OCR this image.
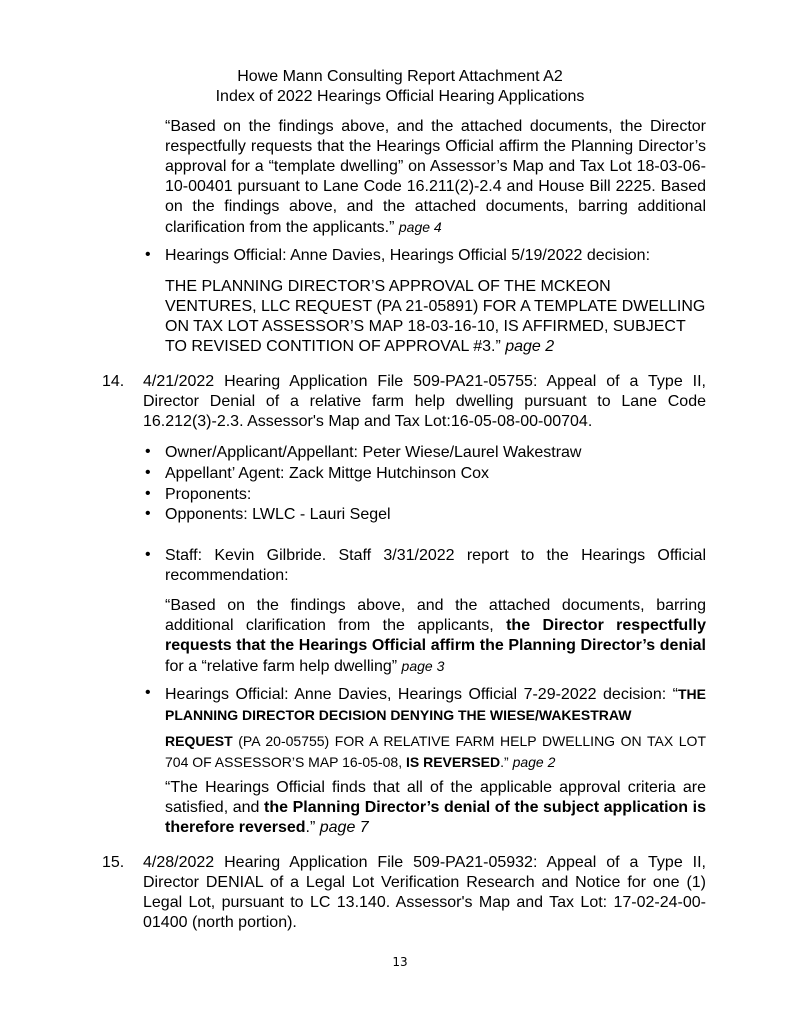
Howe Mann Consulting Report Attachment A2
Index of 2022 Hearings Official Hearing Applications
“Based on the findings above, and the attached documents, the Director respectfully requests that the Hearings Official affirm the Planning Director’s approval for a “template dwelling” on Assessor’s Map and Tax Lot 18-03-06-10-00401 pursuant to Lane Code 16.211(2)-2.4 and House Bill 2225. Based on the findings above, and the attached documents, barring additional clarification from the applicants.” page 4
• Hearings Official: Anne Davies, Hearings Official 5/19/2022 decision:
THE PLANNING DIRECTOR’S APPROVAL OF THE MCKEON VENTURES, LLC REQUEST (PA 21-05891) FOR A TEMPLATE DWELLING ON TAX LOT ASSESSOR’S MAP 18-03-16-10, IS AFFIRMED, SUBJECT TO REVISED CONTITION OF APPROVAL #3.” page 2
14. 4/21/2022 Hearing Application File 509-PA21-05755: Appeal of a Type II, Director Denial of a relative farm help dwelling pursuant to Lane Code 16.212(3)-2.3. Assessor's Map and Tax Lot:16-05-08-00-00704.
• Owner/Applicant/Appellant: Peter Wiese/Laurel Wakestraw
• Appellant’ Agent: Zack Mittge Hutchinson Cox
• Proponents:
• Opponents: LWLC - Lauri Segel
• Staff: Kevin Gilbride. Staff 3/31/2022 report to the Hearings Official recommendation:
“Based on the findings above, and the attached documents, barring additional clarification from the applicants, the Director respectfully requests that the Hearings Official affirm the Planning Director’s denial for a “relative farm help dwelling” page 3
• Hearings Official: Anne Davies, Hearings Official 7-29-2022 decision: “THE PLANNING DIRECTOR DECISION DENYING THE WIESE/WAKESTRAW
REQUEST (PA 20-05755) FOR A RELATIVE FARM HELP DWELLING ON TAX LOT 704 OF ASSESSOR’S MAP 16-05-08, IS REVERSED.” page 2
“The Hearings Official finds that all of the applicable approval criteria are satisfied, and the Planning Director’s denial of the subject application is therefore reversed.” page 7
15. 4/28/2022 Hearing Application File 509-PA21-05932: Appeal of a Type II, Director DENIAL of a Legal Lot Verification Research and Notice for one (1) Legal Lot, pursuant to LC 13.140. Assessor's Map and Tax Lot: 17-02-24-00-01400 (north portion).
13
